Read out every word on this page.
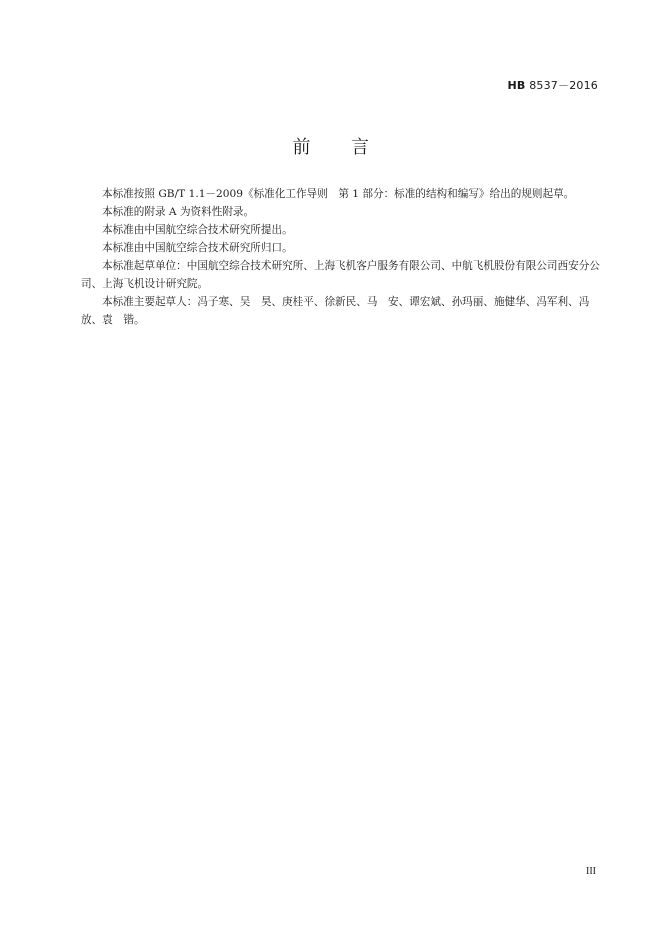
HB 8537－2016
前 言

本标准按照 GB/T 1.1－2009《标准化工作导则　第 1 部分：标准的结构和编写》给出的规则起草。

本标准的附录 A 为资料性附录。

本标准由中国航空综合技术研究所提出。

本标准由中国航空综合技术研究所归口。

本标准起草单位：中国航空综合技术研究所、上海飞机客户服务有限公司、中航飞机股份有限公司西安分公司、上海飞机设计研究院。

本标准主要起草人：冯子寒、吴　昊、庚桂平、徐新民、马　安、谭宏斌、孙玛丽、施健华、冯军利、冯　放、袁　锴。

III
